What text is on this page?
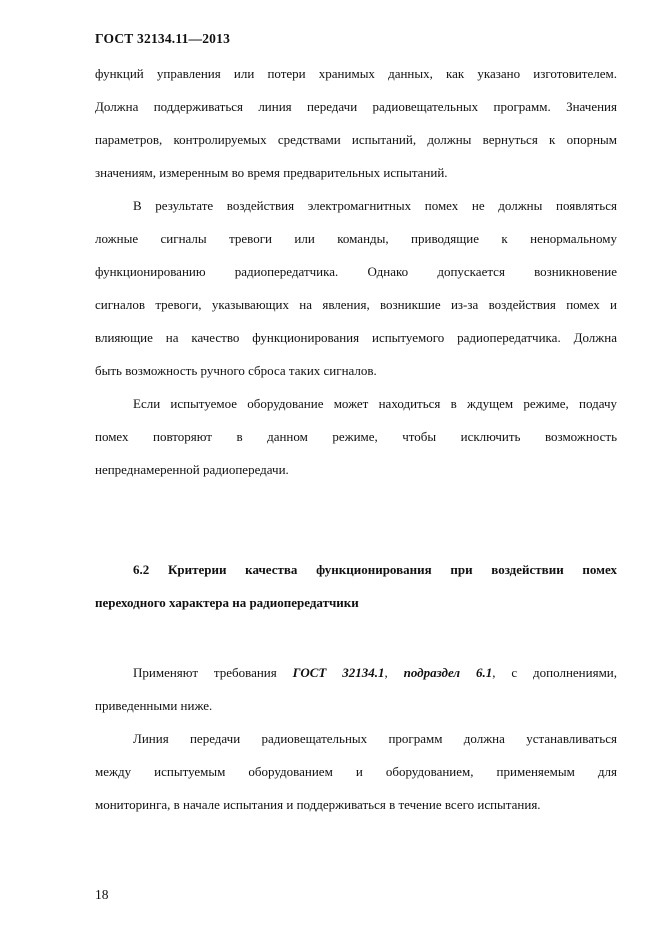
ГОСТ 32134.11—2013
функций управления или потери хранимых данных, как указано изготовителем.
Должна поддерживаться линия передачи радиовещательных программ. Значения
параметров, контролируемых средствами испытаний, должны вернуться к опорным
значениям, измеренным во время предварительных испытаний.
В результате воздействия электромагнитных помех не должны появляться
ложные сигналы тревоги или команды, приводящие к ненормальному
функционированию радиопередатчика. Однако допускается возникновение
сигналов тревоги, указывающих на явления, возникшие из-за воздействия помех и
влияющие на качество функционирования испытуемого радиопередатчика. Должна
быть возможность ручного сброса таких сигналов.
Если испытуемое оборудование может находиться в ждущем режиме, подачу
помех повторяют в данном режиме, чтобы исключить возможность
непреднамеренной радиопередачи.
6.2 Критерии качества функционирования при воздействии помех
переходного характера на радиопередатчики
Применяют требования ГОСТ 32134.1, подраздел 6.1, с дополнениями,
приведенными ниже.
Линия передачи радиовещательных программ должна устанавливаться
между испытуемым оборудованием и оборудованием, применяемым для
мониторинга, в начале испытания и поддерживаться в течение всего испытания.
18
